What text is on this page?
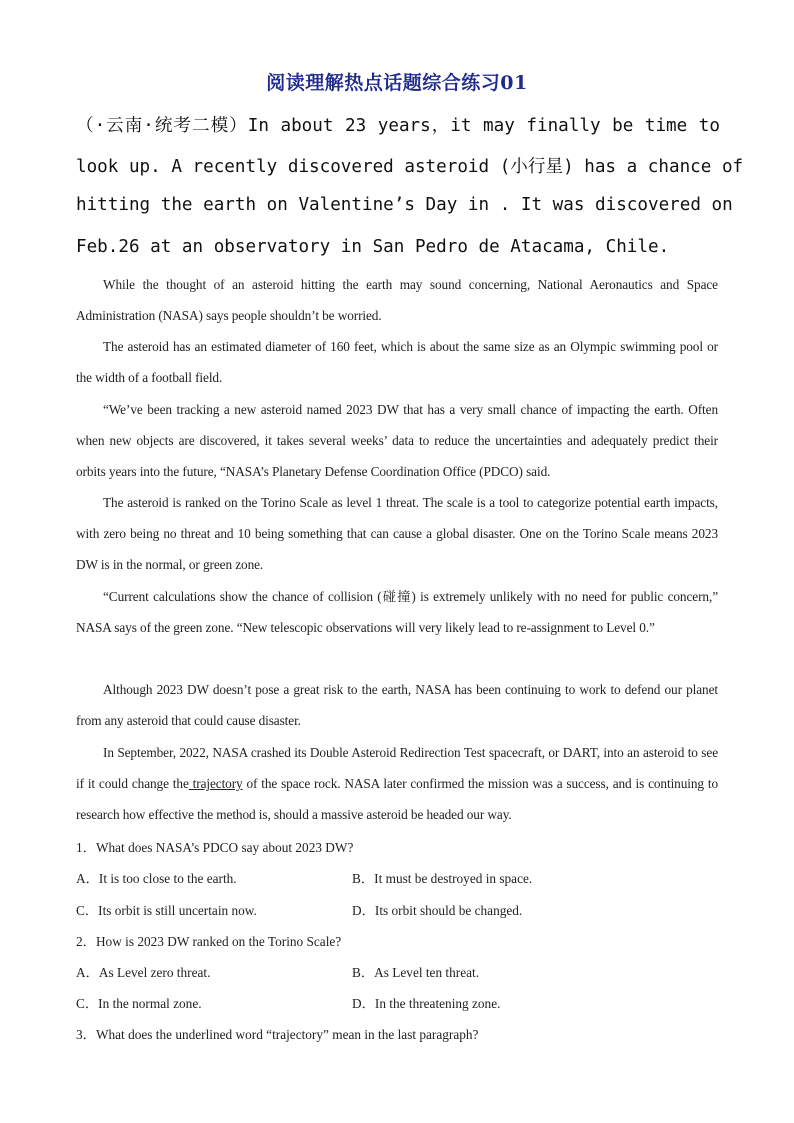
阅读理解热点话题综合练习01
（·云南·统考二模）In about 23 years，it may finally be time to
look up. A recently discovered asteroid (小行星) has a chance of
hitting the earth on Valentine’s Day in . It was discovered on
Feb.26 at an observatory in San Pedro de Atacama, Chile.
While the thought of an asteroid hitting the earth may sound concerning, National Aeronautics and Space Administration (NASA) says people shouldn’t be worried.
The asteroid has an estimated diameter of 160 feet, which is about the same size as an Olympic swimming pool or the width of a football field.
“We’ve been tracking a new asteroid named 2023 DW that has a very small chance of impacting the earth. Often when new objects are discovered, it takes several weeks’ data to reduce the uncertainties and adequately predict their orbits years into the future, “NASA’s Planetary Defense Coordination Office (PDCO) said.
The asteroid is ranked on the Torino Scale as level 1 threat. The scale is a tool to categorize potential earth impacts, with zero being no threat and 10 being something that can cause a global disaster. One on the Torino Scale means 2023 DW is in the normal, or green zone.
“Current calculations show the chance of collision (碰撞) is extremely unlikely with no need for public concern,” NASA says of the green zone. “New telescopic observations will very likely lead to re-assignment to Level 0.”
Although 2023 DW doesn’t pose a great risk to the earth, NASA has been continuing to work to defend our planet from any asteroid that could cause disaster.
In September, 2022, NASA crashed its Double Asteroid Redirection Test spacecraft, or DART, into an asteroid to see if it could change the trajectory of the space rock. NASA later confirmed the mission was a success, and is continuing to research how effective the method is, should a massive asteroid be headed our way.
1．What does NASA’s PDCO say about 2023 DW?
A．It is too close to the earth.	B．It must be destroyed in space.
C．Its orbit is still uncertain now.	D．Its orbit should be changed.
2．How is 2023 DW ranked on the Torino Scale?
A．As Level zero threat.	B．As Level ten threat.
C．In the normal zone.	D．In the threatening zone.
3．What does the underlined word “trajectory” mean in the last paragraph?
